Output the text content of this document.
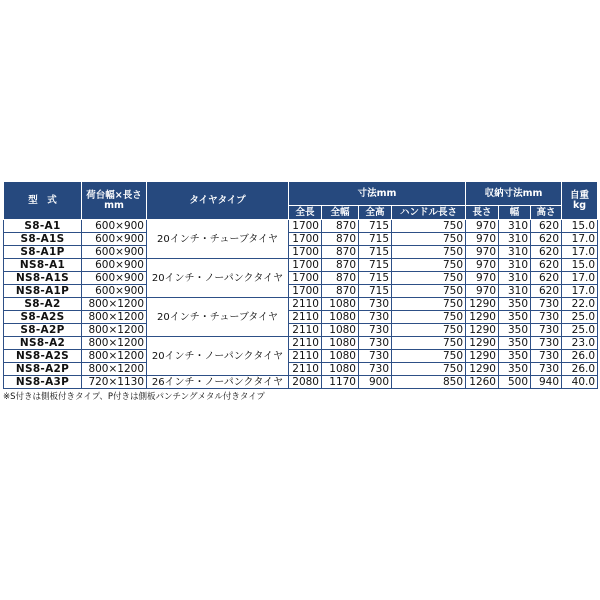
型　式	荷台幅×長さ mm	タイヤタイプ	寸法mm				収納寸法mm			自重 kg
			全長	全幅	全高	ハンドル長さ	長さ	幅	高さ	
S8-A1	600×900	20インチ・チューブタイヤ	1700	870	715	750	970	310	620	15.0
S8-A1S	600×900		1700	870	715	750	970	310	620	17.0
S8-A1P	600×900		1700	870	715	750	970	310	620	17.0
NS8-A1	600×900	20インチ・ノーパンクタイヤ	1700	870	715	750	970	310	620	15.0
NS8-A1S	600×900		1700	870	715	750	970	310	620	17.0
NS8-A1P	600×900		1700	870	715	750	970	310	620	17.0
S8-A2	800×1200	20インチ・チューブタイヤ	2110	1080	730	750	1290	350	730	22.0
S8-A2S	800×1200		2110	1080	730	750	1290	350	730	25.0
S8-A2P	800×1200		2110	1080	730	750	1290	350	730	25.0
NS8-A2	800×1200	20インチ・ノーパンクタイヤ	2110	1080	730	750	1290	350	730	23.0
NS8-A2S	800×1200		2110	1080	730	750	1290	350	730	26.0
NS8-A2P	800×1200		2110	1080	730	750	1290	350	730	26.0
NS8-A3P	720×1130	26インチ・ノーパンクタイヤ	2080	1170	900	850	1260	500	940	40.0
※S付きは側板付きタイプ、P付きは側板パンチングメタル付きタイプ
